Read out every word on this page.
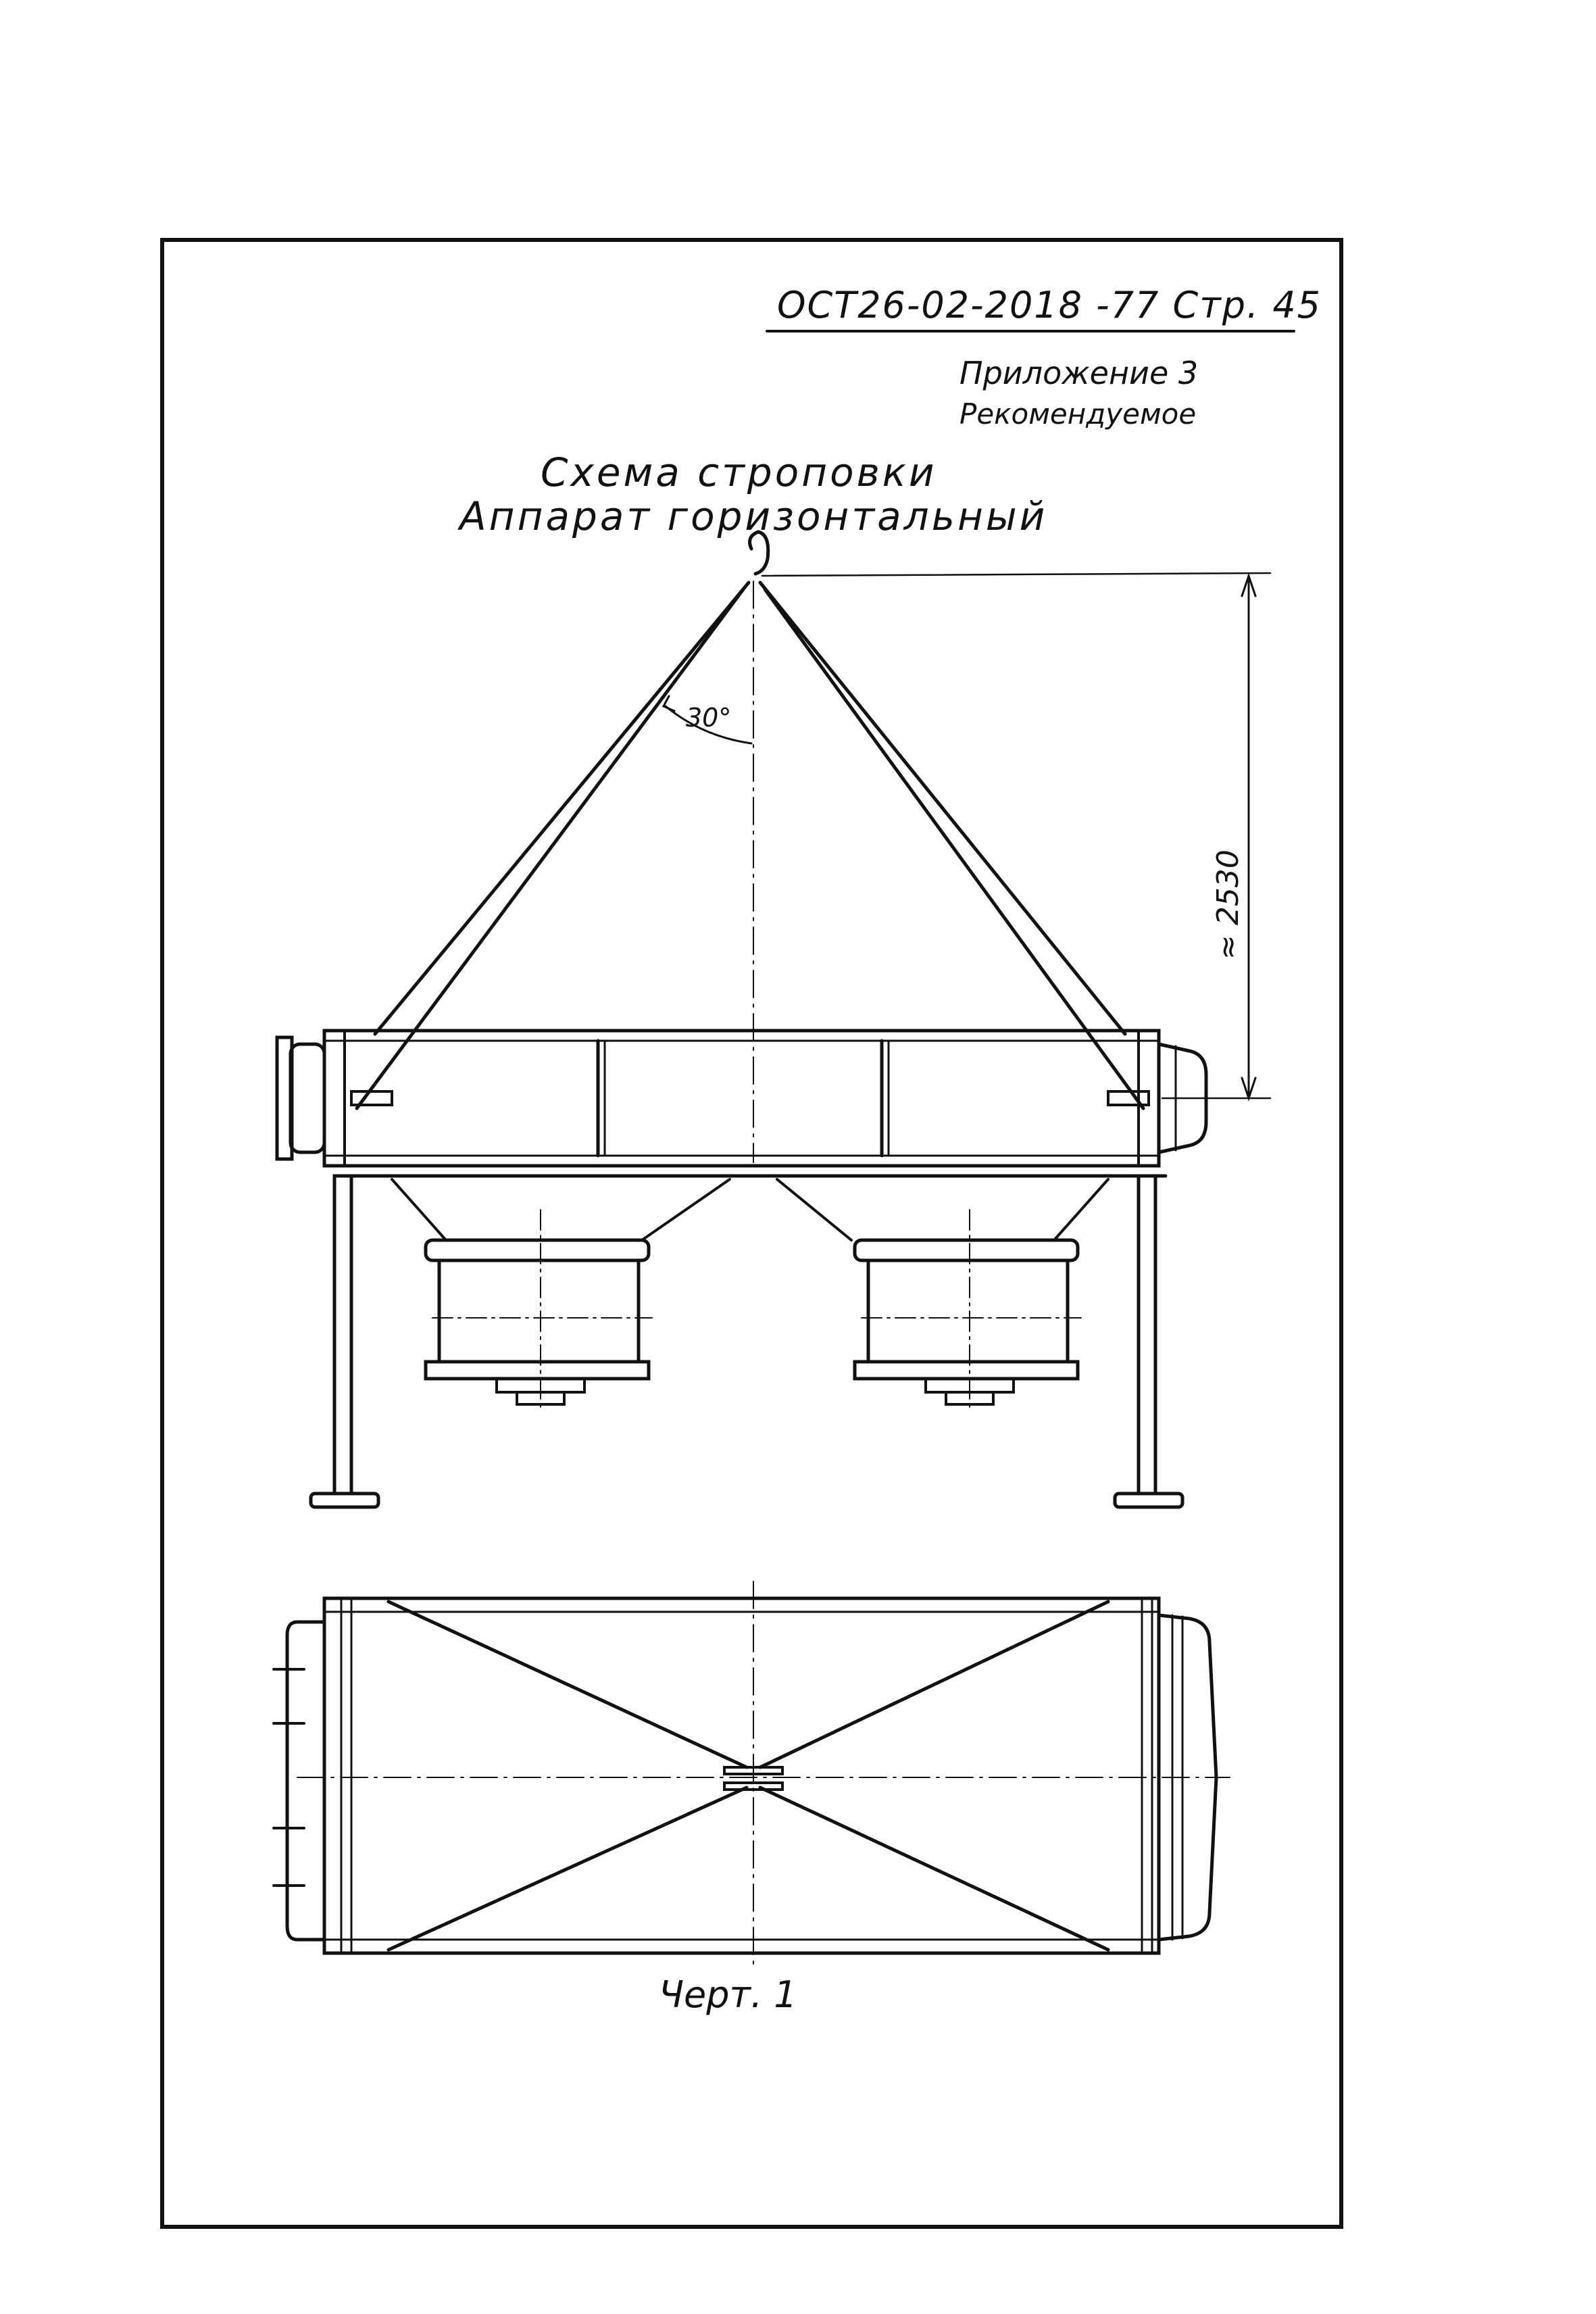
30°
≈ 2530
ОСТ26-02-2018 -77 Стр. 45
Приложение 3
Рекомендуемое
Схема строповки
Аппарат горизонтальный
Черт. 1
